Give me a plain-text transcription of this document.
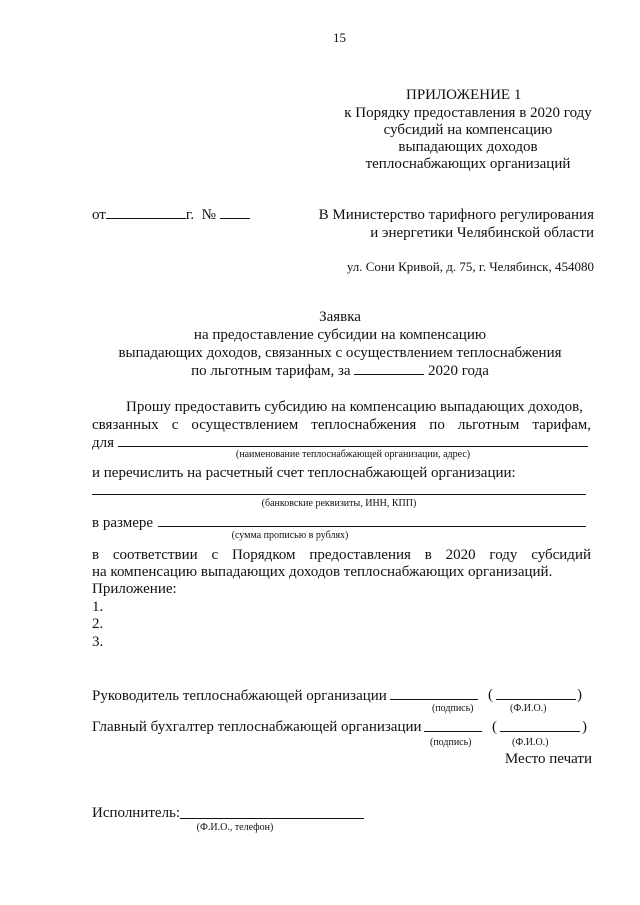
15
ПРИЛОЖЕНИЕ 1
к Порядку предоставления в 2020 году
субсидий на компенсацию
выпадающих доходов
теплоснабжающих организаций
от	г. №	В Министерство тарифного регулирования
и энергетики Челябинской области
ул. Сони Кривой, д. 75, г. Челябинск, 454080
Заявка
на предоставление субсидии на компенсацию
выпадающих доходов, связанных с осуществлением теплоснабжения
по льготным тарифам, за	2020 года
Прошу предоставить субсидию на компенсацию выпадающих доходов,
связанных с осуществлением теплоснабжения по льготным тарифам,
для
(наименование теплоснабжающей организации, адрес)
и перечислить на расчетный счет теплоснабжающей организации:
(банковские реквизиты, ИНН, КПП)
в размере
(сумма прописью в рублях)
в соответствии с Порядком предоставления в 2020 году субсидий
на компенсацию выпадающих доходов теплоснабжающих организаций.
Приложение:
1.
2.
3.
Руководитель теплоснабжающей организации	(	)
(подпись)	(Ф.И.О.)
Главный бухгалтер теплоснабжающей организации	(	)
(подпись)	(Ф.И.О.)
Место печати
Исполнитель:
(Ф.И.О., телефон)
